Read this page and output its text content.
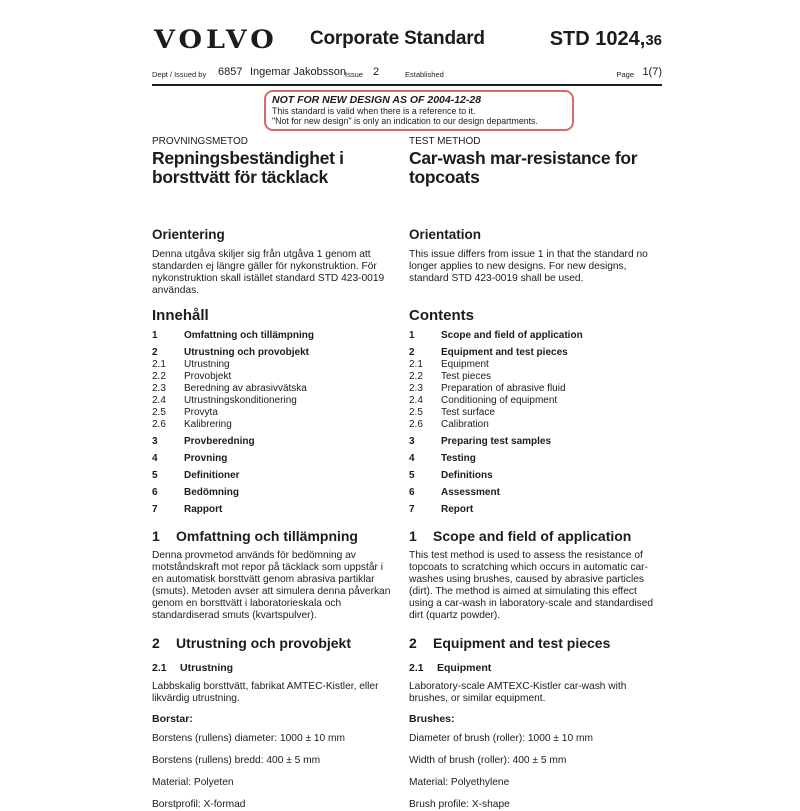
VOLVO Corporate Standard	STD 1024,36
Dept / Issued by 6857 Ingemar Jakobsson Issue 2	Established	Page 1(7)
NOT FOR NEW DESIGN AS OF 2004-12-28
This standard is valid when there is a reference to it.
"Not for new design" is only an indication to our design departments.
PROVNINGSMETOD	TEST METHOD
Repningsbeständighet i borsttvätt för täcklack
Car-wash mar-resistance for topcoats
Orientering	Orientation
Denna utgåva skiljer sig från utgåva 1 genom att standarden ej längre gäller för nykonstruktion. För nykonstruktion skall istället standard STD 423-0019 användas.
This issue differs from issue 1 in that the standard no longer applies to new designs. For new designs, standard STD 423-0019 shall be used.
Innehåll	Contents
1	Omfattning och tillämpning
2	Utrustning och provobjekt
2.1	Utrustning
2.2	Provobjekt
2.3	Beredning av abrasivvätska
2.4	Utrustningskonditionering
2.5	Provyta
2.6	Kalibrering
3	Provberedning
4	Provning
5	Definitioner
6	Bedömning
7	Rapport
1	Scope and field of application
2	Equipment and test pieces
2.1	Equipment
2.2	Test pieces
2.3	Preparation of abrasive fluid
2.4	Conditioning of equipment
2.5	Test surface
2.6	Calibration
3	Preparing test samples
4	Testing
5	Definitions
6	Assessment
7	Report
1	Omfattning och tillämpning	1	Scope and field of application
Denna provmetod används för bedömning av motståndskraft mot repor på täcklack som uppstår i en automatisk borsttvätt genom abrasiva partiklar (smuts). Metoden avser att simulera denna påverkan genom en borsttvätt i laboratorieskala och standardiserad smuts (kvartspulver).
This test method is used to assess the resistance of topcoats to scratching which occurs in automatic car-washes using brushes, caused by abrasive particles (dirt). The method is aimed at simulating this effect using a car-wash in laboratory-scale and standardised dirt (quartz powder).
2	Utrustning och provobjekt	2	Equipment and test pieces
2.1	Utrustning	2.1	Equipment
Labbskalig borsttvätt, fabrikat AMTEC-Kistler, eller likvärdig utrustning.
Laboratory-scale AMTEXC-Kistler car-wash with brushes, or similar equipment.
Borstar:	Brushes:
Borstens (rullens) diameter: 1000 ± 10 mm
Borstens (rullens) bredd: 400 ± 5 mm
Material: Polyeten
Borstprofil: X-formad
Diameter of brush (roller): 1000 ± 10 mm
Width of brush (roller): 400 ± 5 mm
Material: Polyethylene
Brush profile: X-shape
